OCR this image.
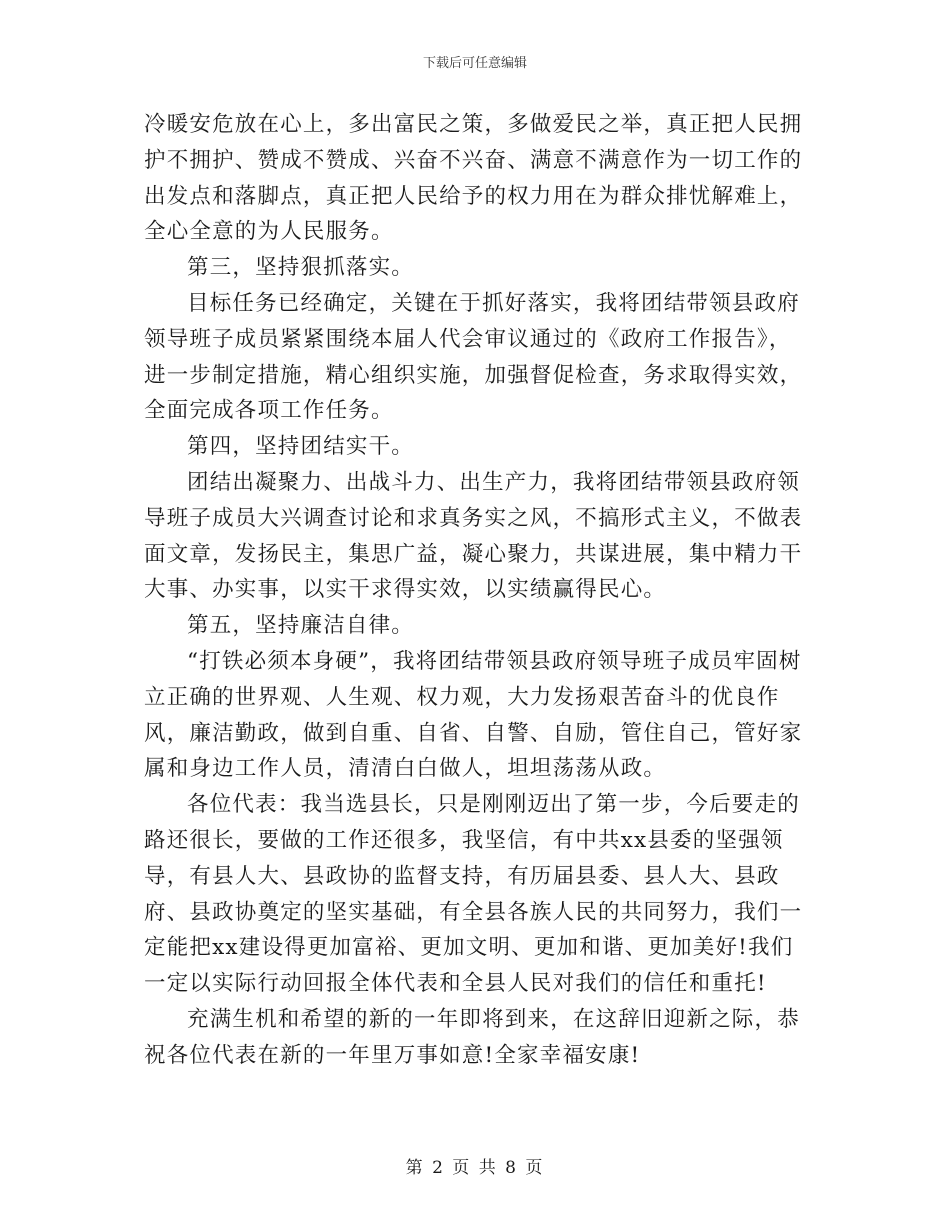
下载后可任意编辑

冷暖安危放在心上，多出富民之策，多做爱民之举，真正把人民拥护不拥护、赞成不赞成、兴奋不兴奋、满意不满意作为一切工作的出发点和落脚点，真正把人民给予的权力用在为群众排忧解难上，全心全意的为人民服务。

第三，坚持狠抓落实。

目标任务已经确定，关键在于抓好落实，我将团结带领县政府领导班子成员紧紧围绕本届人代会审议通过的《政府工作报告》，进一步制定措施，精心组织实施，加强督促检查，务求取得实效，全面完成各项工作任务。

第四，坚持团结实干。

团结出凝聚力、出战斗力、出生产力，我将团结带领县政府领导班子成员大兴调查讨论和求真务实之风，不搞形式主义，不做表面文章，发扬民主，集思广益，凝心聚力，共谋进展，集中精力干大事、办实事，以实干求得实效，以实绩赢得民心。

第五，坚持廉洁自律。

“打铁必须本身硬”，我将团结带领县政府领导班子成员牢固树立正确的世界观、人生观、权力观，大力发扬艰苦奋斗的优良作风，廉洁勤政，做到自重、自省、自警、自励，管住自己，管好家属和身边工作人员，清清白白做人，坦坦荡荡从政。

各位代表：我当选县长，只是刚刚迈出了第一步，今后要走的路还很长，要做的工作还很多，我坚信，有中共xx县委的坚强领导，有县人大、县政协的监督支持，有历届县委、县人大、县政府、县政协奠定的坚实基础，有全县各族人民的共同努力，我们一定能把xx建设得更加富裕、更加文明、更加和谐、更加美好!我们一定以实际行动回报全体代表和全县人民对我们的信任和重托!

充满生机和希望的新的一年即将到来，在这辞旧迎新之际，恭祝各位代表在新的一年里万事如意!全家幸福安康!

第 2 页 共 8 页
